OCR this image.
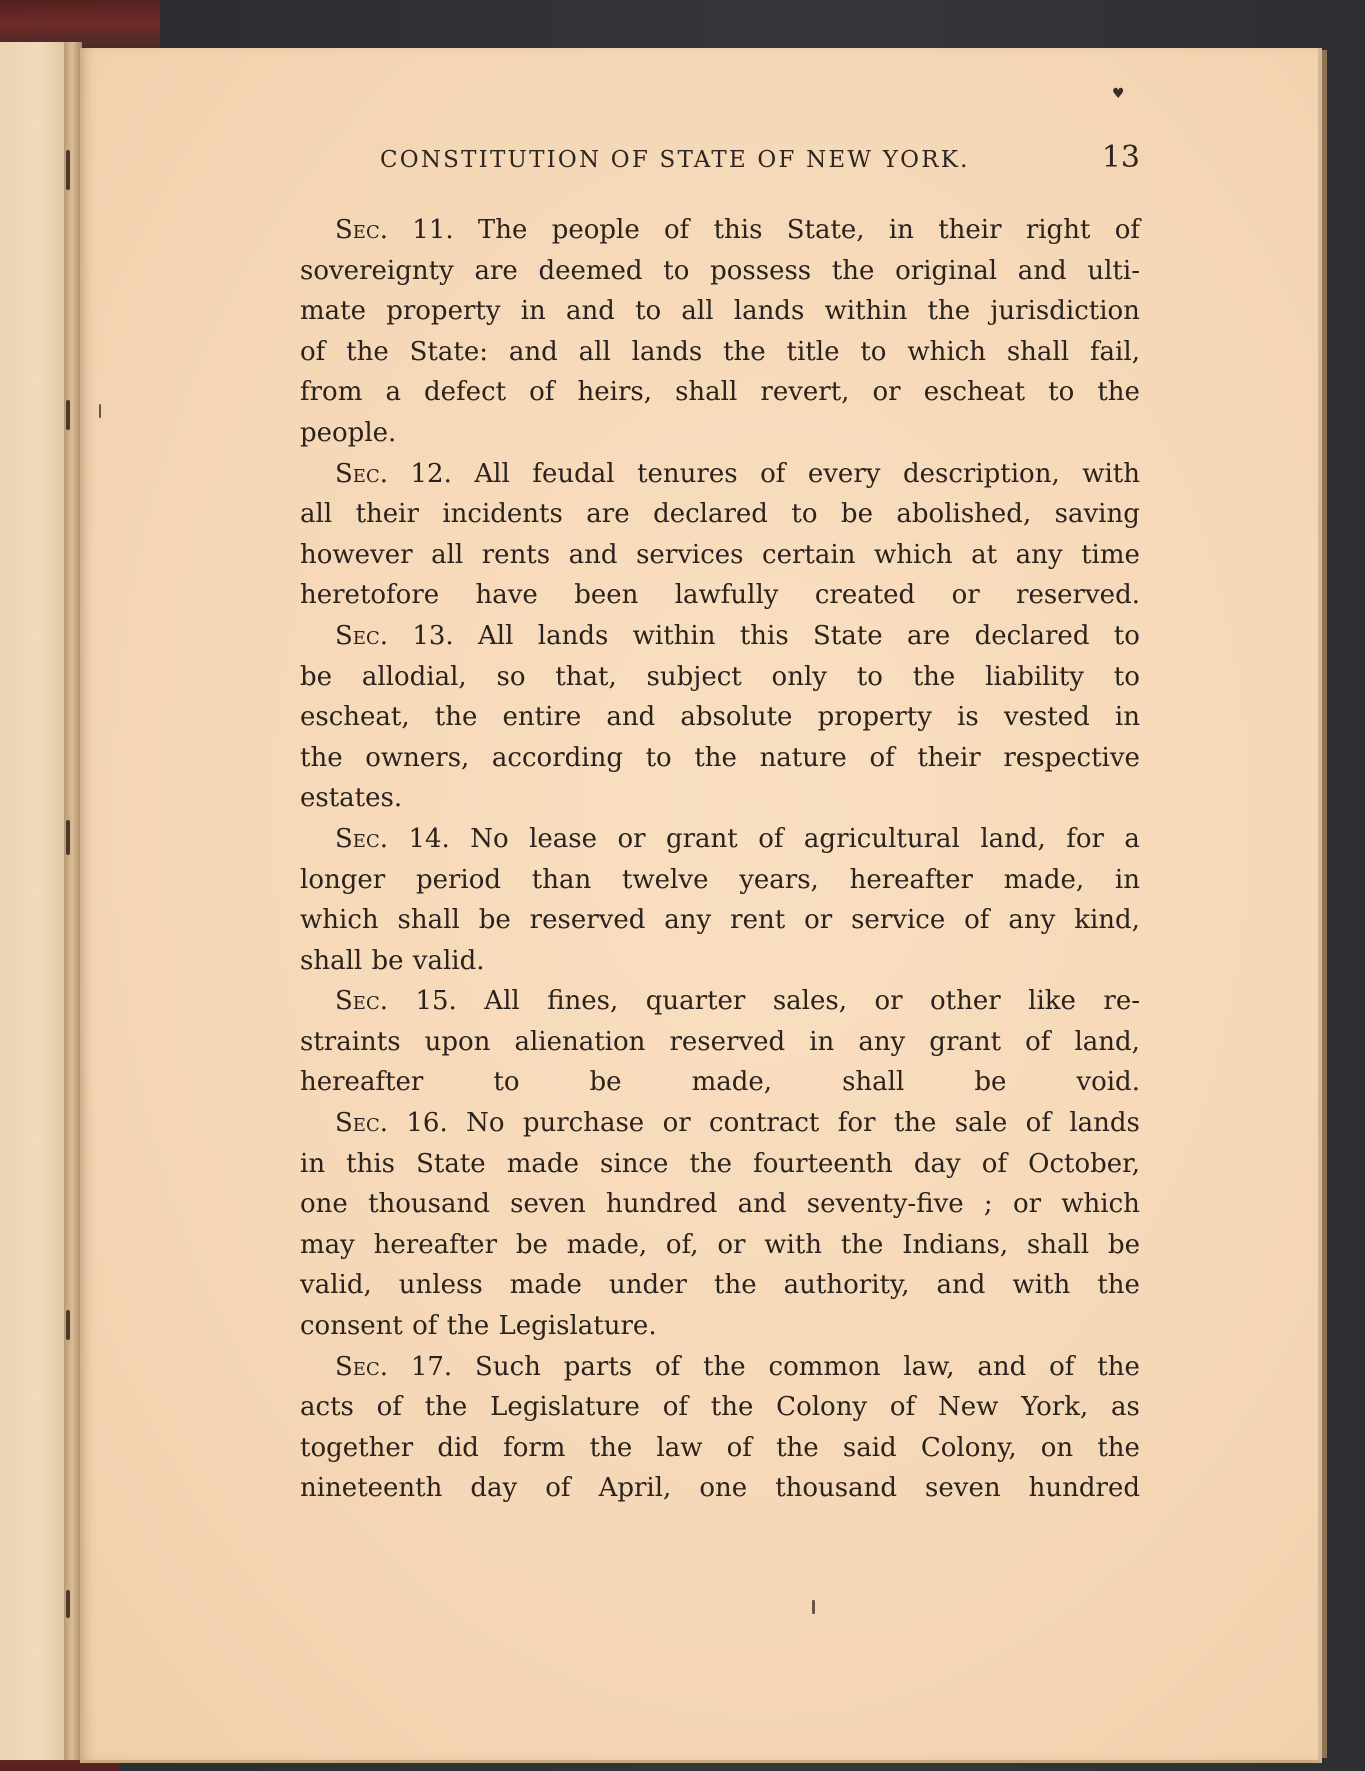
♥
CONSTITUTION OF STATE OF NEW YORK.	13
Sec. 11. The people of this State, in their right of
sovereignty are deemed to possess the original and ulti-
mate property in and to all lands within the jurisdiction
of the State: and all lands the title to which shall fail,
from a defect of heirs, shall revert, or escheat to the
people.
Sec. 12. All feudal tenures of every description, with
all their incidents are declared to be abolished, saving
however all rents and services certain which at any time
heretofore have been lawfully created or reserved.
Sec. 13. All lands within this State are declared to
be allodial, so that, subject only to the liability to
escheat, the entire and absolute property is vested in
the owners, according to the nature of their respective
estates.
Sec. 14. No lease or grant of agricultural land, for a
longer period than twelve years, hereafter made, in
which shall be reserved any rent or service of any kind,
shall be valid.
Sec. 15. All fines, quarter sales, or other like re-
straints upon alienation reserved in any grant of land,
hereafter	to	be	made,	shall	be	void.
Sec. 16. No purchase or contract for the sale of lands
in this State made since the fourteenth day of October,
one thousand seven hundred and seventy-five ; or which
may hereafter be made, of, or with the Indians, shall be
valid, unless made under the authority, and with the
consent of the Legislature.
Sec. 17. Such parts of the common law, and of the
acts of the Legislature of the Colony of New York, as
together did form the law of the said Colony, on the
nineteenth day of April, one thousand seven hundred
